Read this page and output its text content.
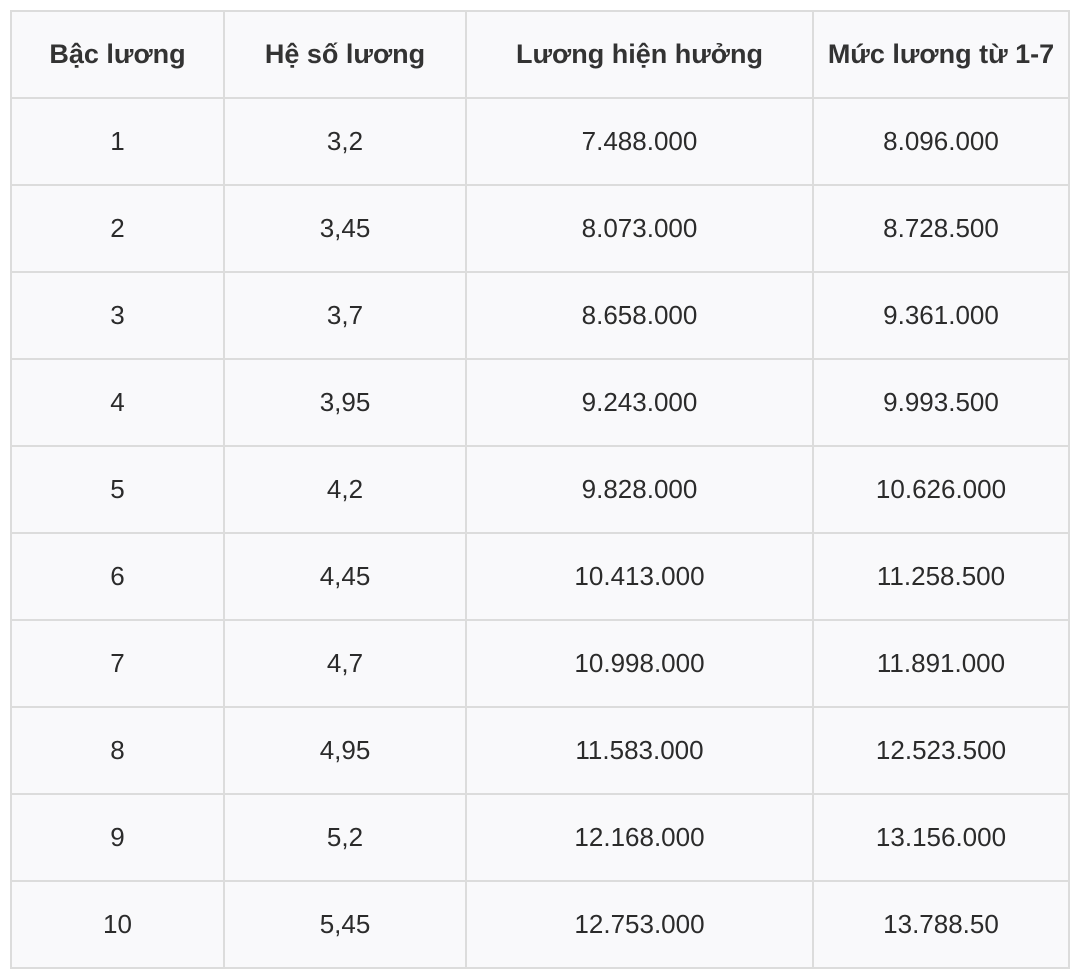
Bậc lương	Hệ số lương	Lương hiện hưởng	Mức lương từ 1-7
1	3,2	7.488.000	8.096.000
2	3,45	8.073.000	8.728.500
3	3,7	8.658.000	9.361.000
4	3,95	9.243.000	9.993.500
5	4,2	9.828.000	10.626.000
6	4,45	10.413.000	11.258.500
7	4,7	10.998.000	11.891.000
8	4,95	11.583.000	12.523.500
9	5,2	12.168.000	13.156.000
10	5,45	12.753.000	13.788.50
